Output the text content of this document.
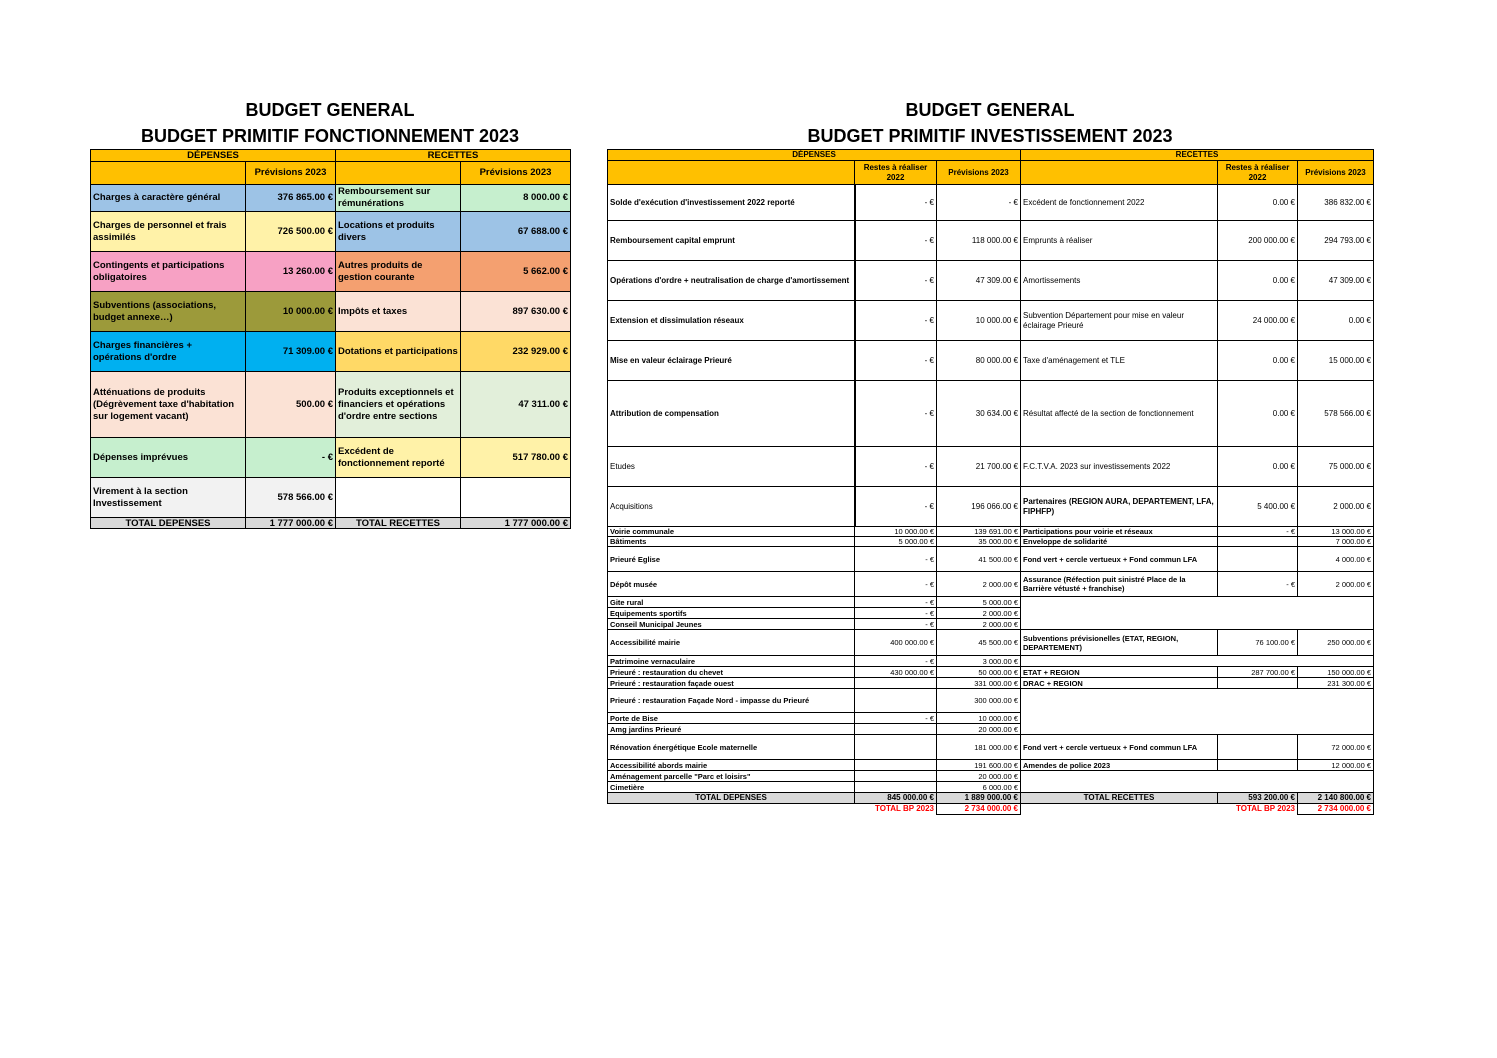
BUDGET GENERAL
BUDGET PRIMITIF FONCTIONNEMENT 2023
BUDGET GENERAL
BUDGET PRIMITIF INVESTISSEMENT 2023
DÉPENSES		RECETTES	
	Prévisions 2023		Prévisions 2023
Charges à caractère général	376 865.00 €	Remboursement sur rémunérations	8 000.00 €
Charges de personnel et frais assimilés	726 500.00 €	Locations et produits divers	67 688.00 €
Contingents et participations obligatoires	13 260.00 €	Autres produits de gestion courante	5 662.00 €
Subventions (associations, budget annexe…)	10 000.00 €	Impôts et taxes	897 630.00 €
Charges financières + opérations d'ordre	71 309.00 €	Dotations et participations	232 929.00 €
Atténuations de produits (Dégrèvement taxe d'habitation sur logement vacant)	500.00 €	Produits exceptionnels et financiers et opérations d'ordre entre sections	47 311.00 €
Dépenses imprévues	- €	Excédent de fonctionnement reporté	517 780.00 €
Virement à la section Investissement	578 566.00 €		
TOTAL DEPENSES	1 777 000.00 €	TOTAL RECETTES	1 777 000.00 €
DÉPENSES			RECETTES		
	Restes à réaliser 2022	Prévisions 2023		Restes à réaliser 2022	Prévisions 2023
Solde d'exécution d'investissement 2022 reporté	- €	- €	Excédent de fonctionnement 2022	0.00 €	386 832.00 €
Remboursement capital emprunt	- €	118 000.00 €	Emprunts à réaliser	200 000.00 €	294 793.00 €
Opérations d'ordre + neutralisation de charge d'amortissement	- €	47 309.00 €	Amortissements	0.00 €	47 309.00 €
Extension et dissimulation réseaux	- €	10 000.00 €	Subvention Département pour mise en valeur éclairage Prieuré	24 000.00 €	0.00 €
Mise en valeur éclairage Prieuré	- €	80 000.00 €	Taxe d'aménagement et TLE	0.00 €	15 000.00 €
Attribution de compensation	- €	30 634.00 €	Résultat affecté de la section de fonctionnement	0.00 €	578 566.00 €
Etudes	- €	21 700.00 €	F.C.T.V.A. 2023 sur investissements 2022	0.00 €	75 000.00 €
Acquisitions	- €	196 066.00 €	Partenaires (REGION AURA, DEPARTEMENT, LFA, FIPHFP)	5 400.00 €	2 000.00 €
Voirie communale	10 000.00 €	139 691.00 €	Participations pour voirie et réseaux	- €	13 000.00 €
Bâtiments	5 000.00 €	35 000.00 €	Enveloppe de solidarité		7 000.00 €
Prieuré Eglise	- €	41 500.00 €	Fond vert + cercle vertueux + Fond commun LFA		4 000.00 €
Dépôt musée	- €	2 000.00 €	Assurance (Réfection puit sinistré Place de la Barrière vétusté + franchise)	- €	2 000.00 €
Gite rural	- €	5 000.00 €			
Equipements sportifs	- €	2 000.00 €			
Conseil Municipal Jeunes	- €	2 000.00 €			
Accessibilité mairie	400 000.00 €	45 500.00 €	Subventions prévisionelles (ETAT, REGION, DEPARTEMENT)	76 100.00 €	250 000.00 €
Patrimoine vernaculaire	- €	3 000.00 €			
Prieuré : restauration du chevet	430 000.00 €	50 000.00 €	ETAT + REGION	287 700.00 €	150 000.00 €
Prieuré : restauration façade ouest		331 000.00 €	DRAC + REGION		231 300.00 €
Prieuré : restauration Façade Nord - impasse du Prieuré		300 000.00 €			
Porte de Bise	- €	10 000.00 €			
Amg jardins Prieuré		20 000.00 €			
Rénovation énergétique Ecole maternelle		181 000.00 €	Fond vert + cercle vertueux + Fond commun LFA		72 000.00 €
Accessibilité abords mairie		191 600.00 €	Amendes de police 2023		12 000.00 €
Aménagement parcelle "Parc et loisirs"		20 000.00 €			
Cimetière		6 000.00 €			
TOTAL DEPENSES	845 000.00 €	1 889 000.00 €	TOTAL RECETTES	593 200.00 €	2 140 800.00 €
TOTAL BP 2023		2 734 000.00 €	TOTAL BP 2023		2 734 000.00 €
